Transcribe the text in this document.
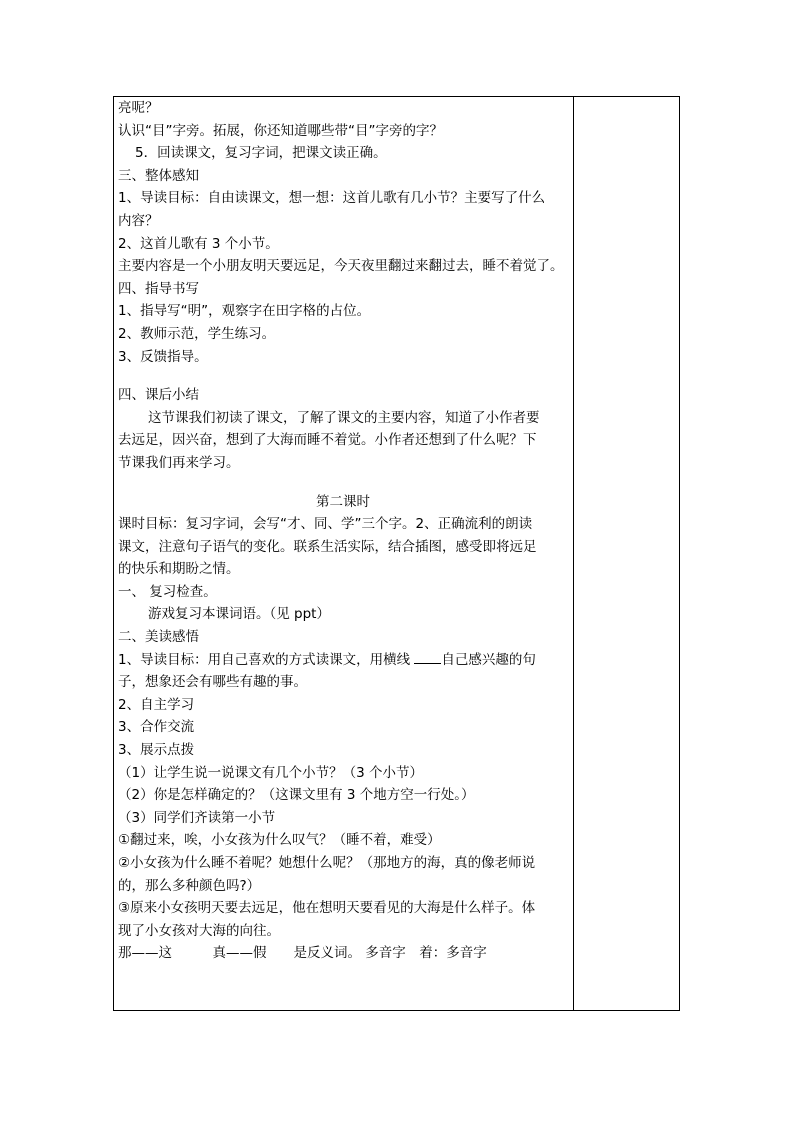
亮呢？
认识“目”字旁。拓展，你还知道哪些带“目”字旁的字？
5．回读课文，复习字词，把课文读正确。
三、整体感知
1、导读目标：自由读课文，想一想：这首儿歌有几小节？主要写了什么
内容？
2、这首儿歌有 3 个小节。
主要内容是一个小朋友明天要远足，今天夜里翻过来翻过去，睡不着觉了。
四、指导书写
1、指导写“明”，观察字在田字格的占位。
2、教师示范，学生练习。
3、反馈指导。
四、课后小结
这节课我们初读了课文，了解了课文的主要内容，知道了小作者要
去远足，因兴奋，想到了大海而睡不着觉。小作者还想到了什么呢？下
节课我们再来学习。
第二课时
课时目标：复习字词，会写“才、同、学”三个字。2、正确流利的朗读
课文，注意句子语气的变化。联系生活实际，结合插图，感受即将远足
的快乐和期盼之情。
一、 复习检查。
游戏复习本课词语。（见 ppt）
二、美读感悟
1、导读目标：用自己喜欢的方式读课文，用横线 自己感兴趣的句
子，想象还会有哪些有趣的事。
2、自主学习
3、合作交流
3、展示点拨
（1）让学生说一说课文有几个小节？（3 个小节）
（2）你是怎样确定的？（这课文里有 3 个地方空一行处。）
（3）同学们齐读第一小节
①翻过来，唉，小女孩为什么叹气？（睡不着，难受）
②小女孩为什么睡不着呢？她想什么呢？（那地方的海，真的像老师说
的，那么多种颜色吗?）
③原来小女孩明天要去远足，他在想明天要看见的大海是什么样子。体
现了小女孩对大海的向往。
那——这　　　真——假　　是反义词。 多音字　着：多音字
